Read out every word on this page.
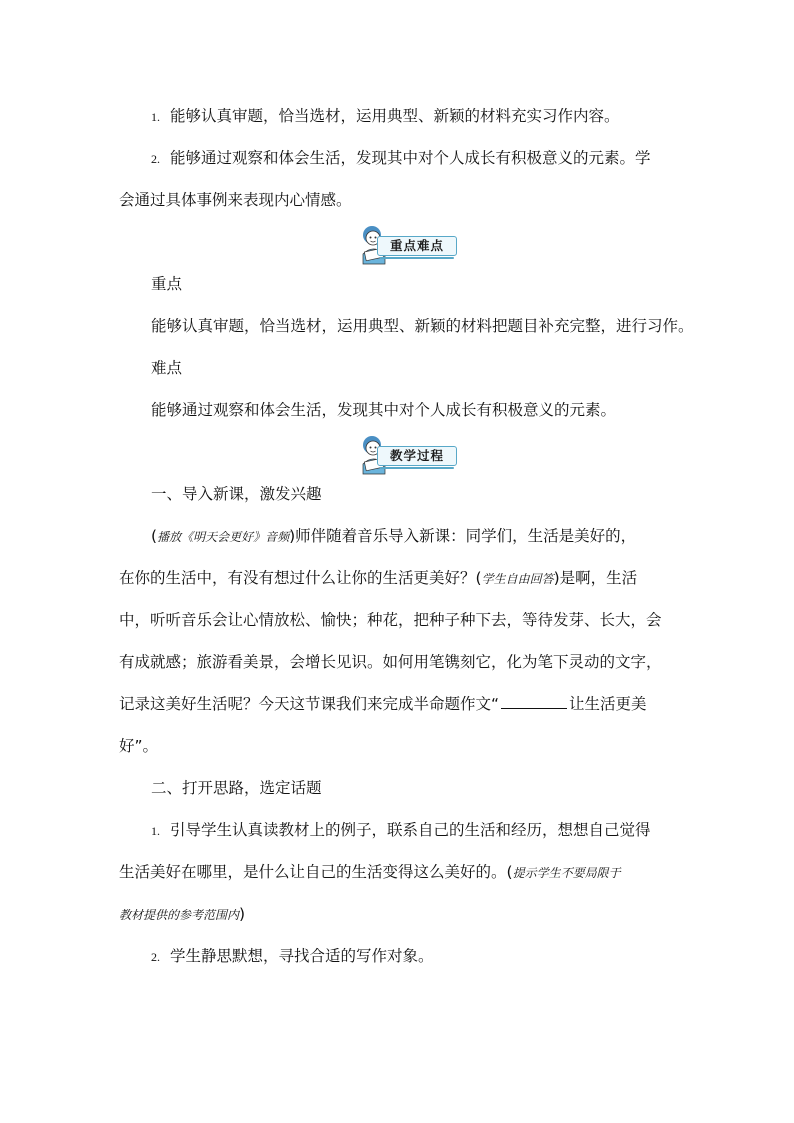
1. 能够认真审题，恰当选材，运用典型、新颖的材料充实习作内容。

2. 能够通过观察和体会生活，发现其中对个人成长有积极意义的元素。学

会通过具体事例来表现内心情感。

重点难点

重点

能够认真审题，恰当选材，运用典型、新颖的材料把题目补充完整，进行习作。

难点

能够通过观察和体会生活，发现其中对个人成长有积极意义的元素。

教学过程

一、导入新课，激发兴趣

(播放《明天会更好》音频)师伴随着音乐导入新课：同学们，生活是美好的，

在你的生活中，有没有想过什么让你的生活更美好？(学生自由回答)是啊，生活

中，听听音乐会让心情放松、愉快；种花，把种子种下去，等待发芽、长大，会

有成就感；旅游看美景，会增长见识。如何用笔镌刻它，化为笔下灵动的文字，

记录这美好生活呢？今天这节课我们来完成半命题作文“	让生活更美

好”。

二、打开思路，选定话题

1. 引导学生认真读教材上的例子，联系自己的生活和经历，想想自己觉得

生活美好在哪里，是什么让自己的生活变得这么美好的。(提示学生不要局限于

教材提供的参考范围内)

2. 学生静思默想，寻找合适的写作对象。
